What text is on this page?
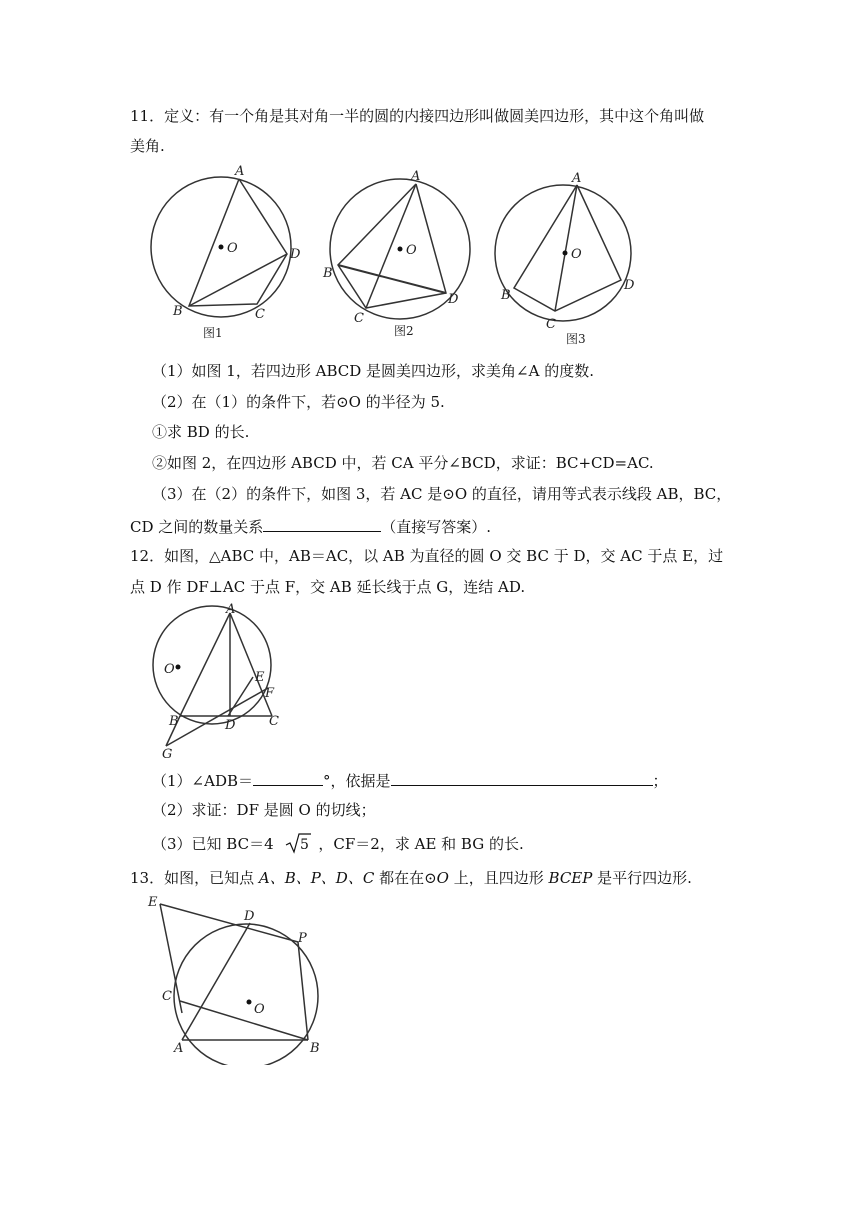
11．定义：有一个角是其对角一半的圆的内接四边形叫做圆美四边形，其中这个角叫做
美角.
O
A
B	C
D
图1
O
A
B
C
D
图2
O
A
B
C
D
图3
（1）如图 1，若四边形 ABCD 是圆美四边形，求美角∠A 的度数.
（2）在（1）的条件下，若⊙O 的半径为 5.
①求 BD 的长.
②如图 2，在四边形 ABCD 中，若 CA 平分∠BCD，求证：BC+CD=AC.
（3）在（2）的条件下，如图 3，若 AC 是⊙O 的直径，请用等式表示线段 AB，BC，
CD 之间的数量关系	（直接写答案）.
12．如图，△ABC 中，AB＝AC，以 AB 为直径的圆 O 交 BC 于 D，交 AC 于点 E，过
点 D 作 DF⊥AC 于点 F，交 AB 延长线于点 G，连结 AD.
O
A
E
F
B	D	C
G
（1）∠ADB＝	°，依据是	；
（2）求证：DF 是圆 O 的切线；
（3）已知 BC＝4 5 ，CF＝2，求 AE 和 BG 的长.
13．如图，已知点 A、B、P、D、C 都在在⊙O 上，且四边形 BCEP 是平行四边形.
O
E
D
P
C
A	B
